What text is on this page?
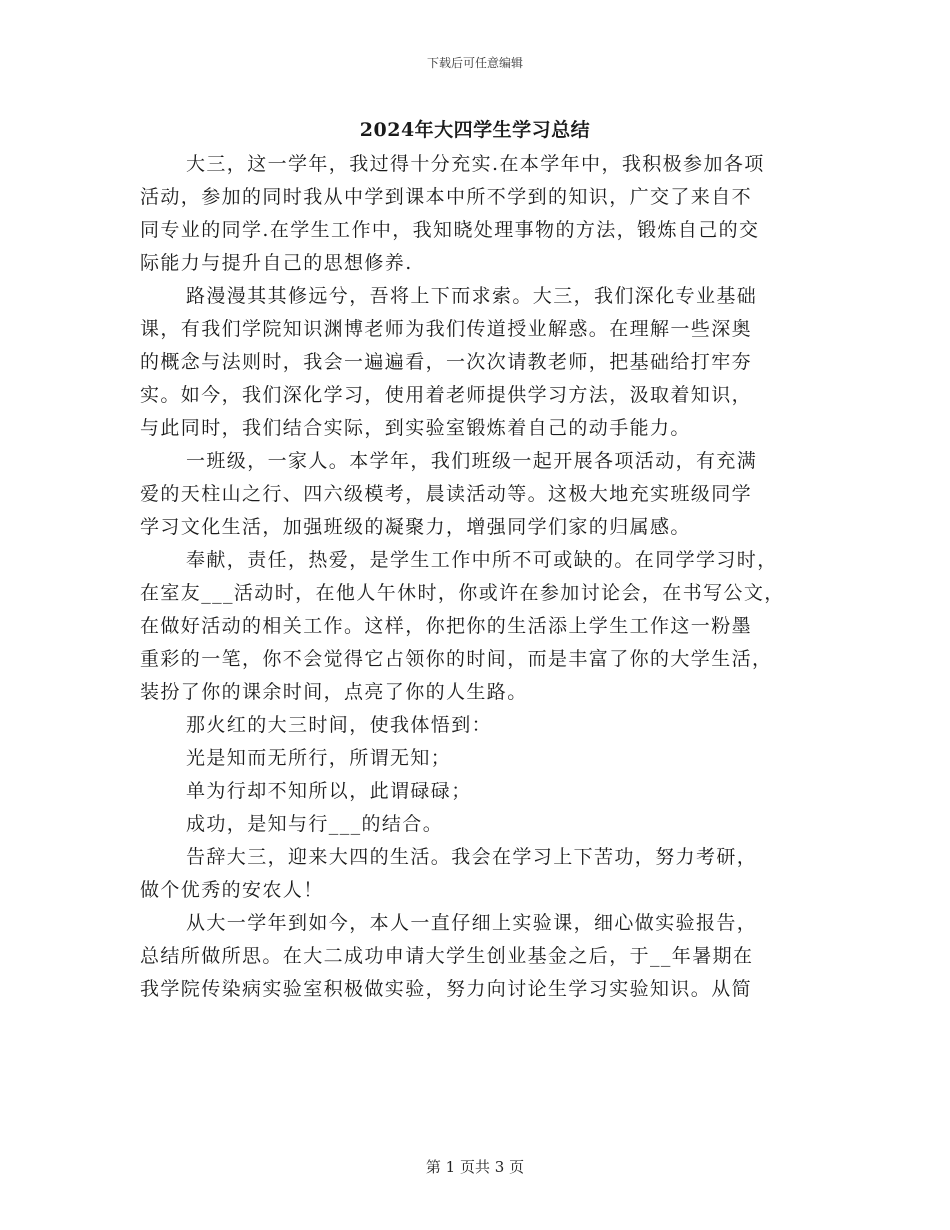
下载后可任意编辑
2024年大四学生学习总结
大三，这一学年，我过得十分充实.在本学年中，我积极参加各项
活动，参加的同时我从中学到课本中所不学到的知识，广交了来自不
同专业的同学.在学生工作中，我知晓处理事物的方法，锻炼自己的交
际能力与提升自己的思想修养.
路漫漫其其修远兮，吾将上下而求索。大三，我们深化专业基础
课，有我们学院知识渊博老师为我们传道授业解惑。在理解一些深奥
的概念与法则时，我会一遍遍看，一次次请教老师，把基础给打牢夯
实。如今，我们深化学习，使用着老师提供学习方法，汲取着知识，
与此同时，我们结合实际，到实验室锻炼着自己的动手能力。
一班级，一家人。本学年，我们班级一起开展各项活动，有充满
爱的天柱山之行、四六级模考，晨读活动等。这极大地充实班级同学
学习文化生活，加强班级的凝聚力，增强同学们家的归属感。
奉献，责任，热爱，是学生工作中所不可或缺的。在同学学习时，
在室友___活动时，在他人午休时，你或许在参加讨论会，在书写公文，
在做好活动的相关工作。这样，你把你的生活添上学生工作这一粉墨
重彩的一笔，你不会觉得它占领你的时间，而是丰富了你的大学生活，
装扮了你的课余时间，点亮了你的人生路。
那火红的大三时间，使我体悟到：
光是知而无所行，所谓无知；
单为行却不知所以，此谓碌碌；
成功，是知与行___的结合。
告辞大三，迎来大四的生活。我会在学习上下苦功，努力考研，
做个优秀的安农人！
从大一学年到如今，本人一直仔细上实验课，细心做实验报告，
总结所做所思。在大二成功申请大学生创业基金之后，于__年暑期在
我学院传染病实验室积极做实验，努力向讨论生学习实验知识。从简
第 1 页共 3 页
